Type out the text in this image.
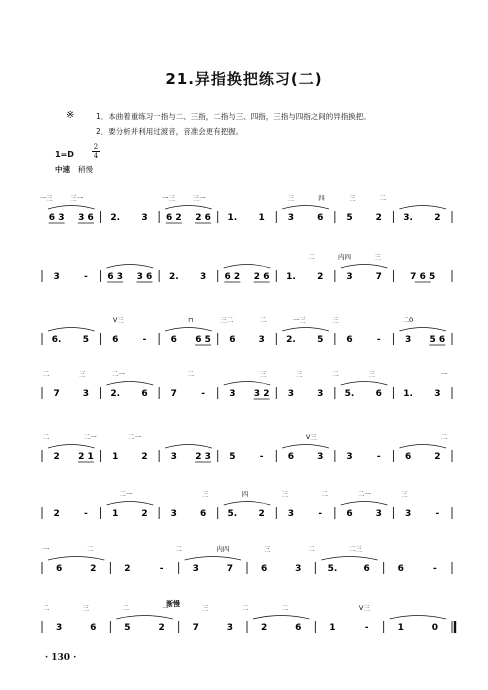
21.异指换把练习(二)
※	1．本曲着重练习一指与二、三指，二指与三、四指，三指与四指之间的异指换把。
2．要分析并利用过渡音，音准会更有把握。
1=D
2
4
中速 稍慢
渐慢
一三	三一	一三	三一	三	四	三	二
6 3 3 6 2. 3 6 2 2 6 1. 1	3	6	5	2 3. 2
二	内四	三
3	- 6 3 3 6 2. 3 6 2 2 6 1. 2	3	7	7 6 5
V三	⊓	三二	二	一三	三	二0
6. 5	6	-	6 6 5 6	3 2. 5	6	-	3 5 6
二	三	二一	二	三	三	二	三	一
7	3 2. 6	7	-	3 3 2 3	3 5. 6 1. 3
二	二一	二一	V三	二
2 2 1 1	2	3 2 3 5	-	6	3	3	-	6	2
二一	三	四	三	二	二一	三
2	-	1	2	3	6 5. 2	3	-	6	3	3	-
一	二	二	内四	三	二	二三
6	2	2	-	3	7	6	3	5.	6	6	-
二	三	二	一	三	二	二	V三
3	6	5	2	7	3	2	6	1	-	1	0
· 130 ·
